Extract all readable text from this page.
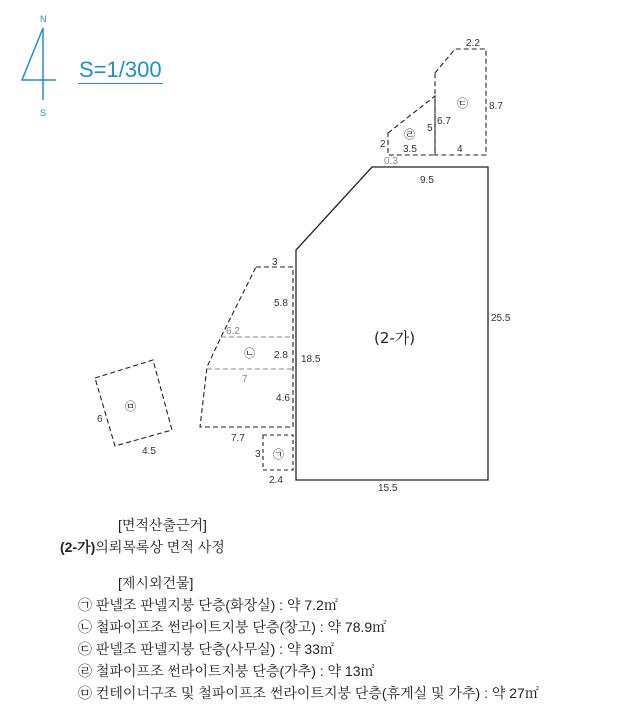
㉠
㉡
㉢
㉣
㉤
(2-가)
9.5
25.5
15.5
18.5
3
5.8
6.2
2.8
7
4.6
7.7
3
2.4
6
4.5
2.2
8.7
6.7
4
2
5
3.5
0.3
S=1/300
N
S
[면적산출근거]
(2-가)의뢰목록상 면적 사정
[제시외건물]
㉠ 판넬조 판넬지붕 단층(화장실) : 약 7.2㎡
㉡ 철파이프조 썬라이트지붕 단층(창고) : 약 78.9㎡
㉢ 판넬조 판넬지붕 단층(사무실) : 약 33㎡
㉣ 철파이프조 썬라이트지붕 단층(가추) : 약 13㎡
㉤ 컨테이너구조 및 철파이프조 썬라이트지붕 단층(휴게실 및 가추) : 약 27㎡
